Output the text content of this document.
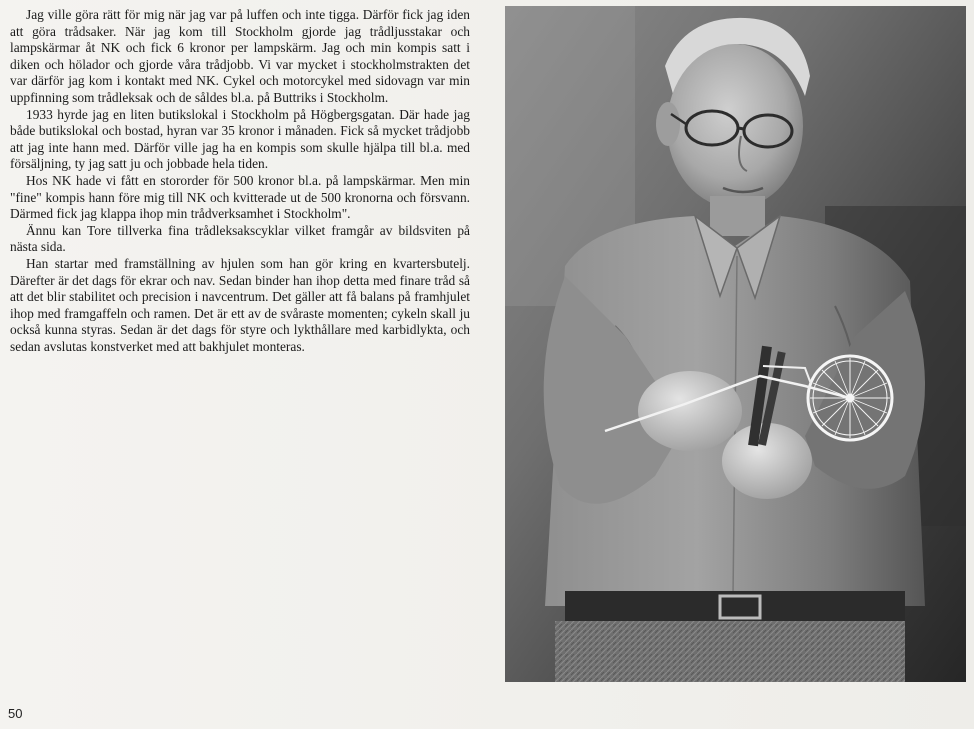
Jag ville göra rätt för mig när jag var på luffen och inte tigga. Därför fick jag iden att göra trådsaker. När jag kom till Stockholm gjorde jag trådljusstakar och lampskärmar åt NK och fick 6 kronor per lampskärm. Jag och min kompis satt i diken och hölador och gjorde våra trådjobb. Vi var mycket i stockholmstrakten det var därför jag kom i kontakt med NK. Cykel och motorcykel med sidovagn var min uppfinning som trådleksak och de såldes bl.a. på Buttriks i Stockholm.

1933 hyrde jag en liten butikslokal i Stockholm på Högbergsgatan. Där hade jag både butikslokal och bostad, hyran var 35 kronor i månaden. Fick så mycket trådjobb att jag inte hann med. Därför ville jag ha en kompis som skulle hjälpa till bl.a. med försäljning, ty jag satt ju och jobbade hela tiden.

Hos NK hade vi fått en stororder för 500 kronor bl.a. på lampskärmar. Men min "fine" kompis hann före mig till NK och kvitterade ut de 500 kronorna och försvann. Därmed fick jag klappa ihop min trådverksamhet i Stockholm".

Ännu kan Tore tillverka fina trådleksakscyklar vilket framgår av bildsviten på nästa sida.

Han startar med framställning av hjulen som han gör kring en kvartersbutelj. Därefter är det dags för ekrar och nav. Sedan binder han ihop detta med finare tråd så att det blir stabilitet och precision i navcentrum. Det gäller att få balans på framhjulet ihop med framgaffeln och ramen. Det är ett av de svåraste momenten; cykeln skall ju också kunna styras. Sedan är det dags för styre och lykthållare med karbidlykta, och sedan avslutas konstverket med att bakhjulet monteras.

50
